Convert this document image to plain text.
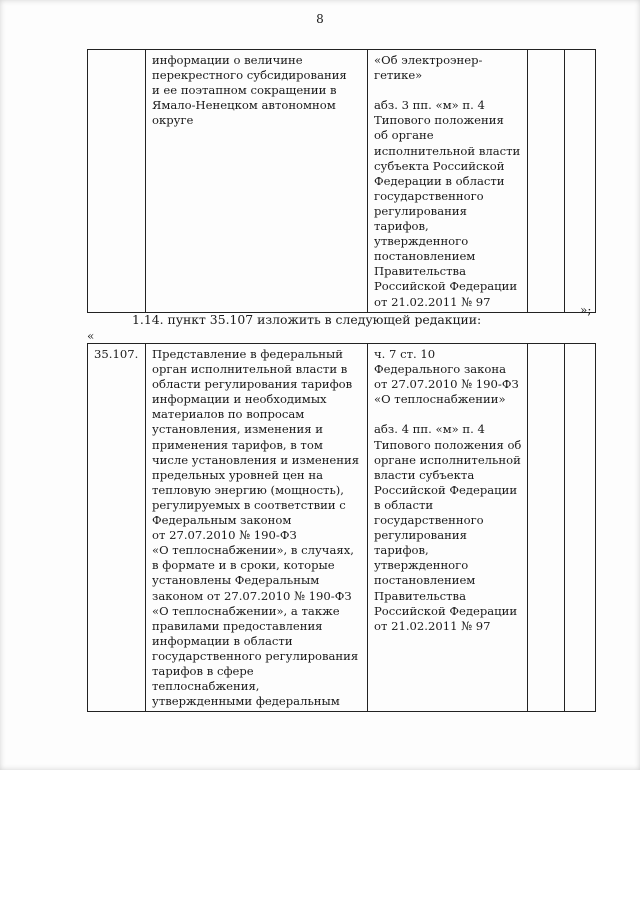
8
	информации о величине
перекрестного субсидирования
и ее поэтапном сокращении в
Ямало-Ненецком автономном
округе	«Об электроэнер-
гетике»

абз. 3 пп. «м» п. 4
Типового положения
об органе
исполнительной власти
субъекта Российской
Федерации в области
государственного
регулирования
тарифов,
утвержденного
постановлением
Правительства
Российской Федерации
от 21.02.2011 № 97		
»;
1.14. пункт 35.107 изложить в следующей редакции:
«
35.107.	Представление в федеральный
орган исполнительной власти в
области регулирования тарифов
информации и необходимых
материалов по вопросам
установления, изменения и
применения тарифов, в том
числе установления и изменения
предельных уровней цен на
тепловую энергию (мощность),
регулируемых в соответствии с
Федеральным законом
от 27.07.2010 № 190-ФЗ
«О теплоснабжении», в случаях,
в формате и в сроки, которые
установлены Федеральным
законом от 27.07.2010 № 190-ФЗ
«О теплоснабжении», а также
правилами предоставления
информации в области
государственного регулирования
тарифов в сфере
теплоснабжения,
утвержденными федеральным	ч. 7 ст. 10
Федерального закона
от 27.07.2010 № 190-ФЗ
«О теплоснабжении»

абз. 4 пп. «м» п. 4
Типового положения об
органе исполнительной
власти субъекта
Российской Федерации
в области
государственного
регулирования
тарифов,
утвержденного
постановлением
Правительства
Российской Федерации
от 21.02.2011 № 97		
